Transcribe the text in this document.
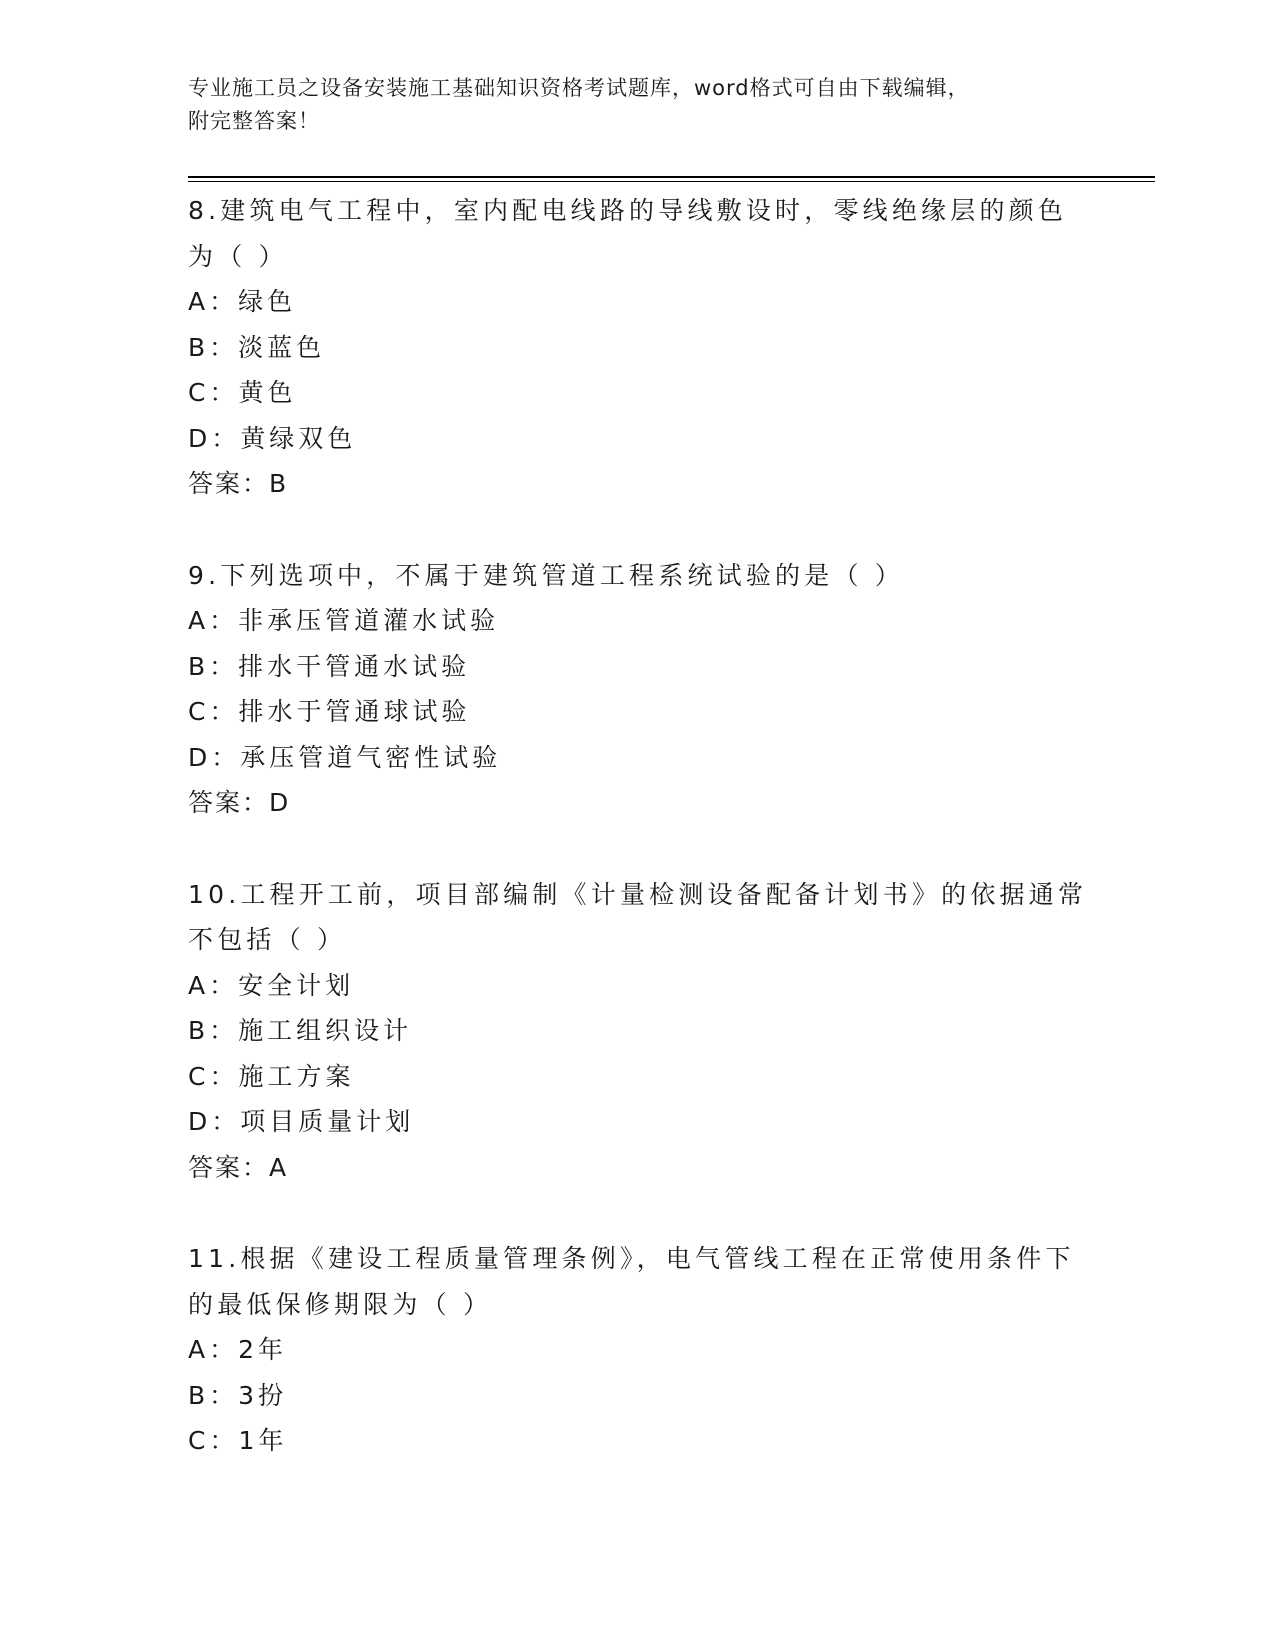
专业施工员之设备安装施工基础知识资格考试题库，word格式可自由下载编辑，
附完整答案！
8.建筑电气工程中，室内配电线路的导线敷设时，零线绝缘层的颜色
为（ ）
A：绿色
B：淡蓝色
C：黄色
D：黄绿双色
答案：B
9.下列选项中，不属于建筑管道工程系统试验的是（ ）
A：非承压管道灌水试验
B：排水干管通水试验
C：排水于管通球试验
D：承压管道气密性试验
答案：D
10.工程开工前，项目部编制《计量检测设备配备计划书》的依据通常
不包括（ ）
A：安全计划
B：施工组织设计
C：施工方案
D：项目质量计划
答案：A
11.根据《建设工程质量管理条例》，电气管线工程在正常使用条件下
的最低保修期限为（ ）
A：2年
B：3扮
C：1年
